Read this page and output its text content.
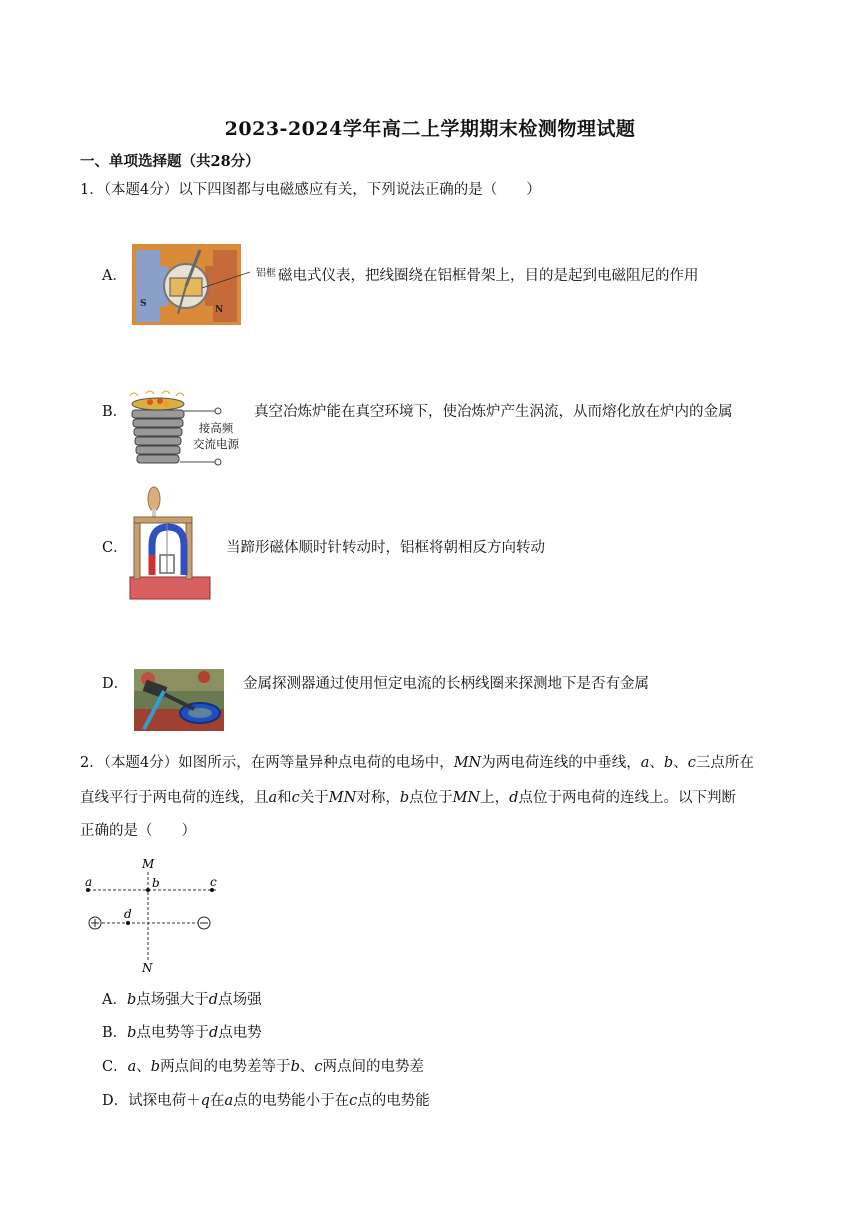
2023-2024学年高二上学期期末检测物理试题
一、单项选择题（共28分）
1．（本题4分）以下四图都与电磁感应有关，下列说法正确的是（　　）
A．
S
N
铝框 磁电式仪表，把线圈绕在铝框骨架上，目的是起到电磁阻尼的作用
B．
接高频
交流电源
真空冶炼炉能在真空环境下，使冶炼炉产生涡流，从而熔化放在炉内的金属
C．	当蹄形磁体顺时针转动时，铝框将朝相反方向转动
D．	金属探测器通过使用恒定电流的长柄线圈来探测地下是否有金属
2．（本题4分）如图所示，在两等量异种点电荷的电场中，MN为两电荷连线的中垂线，a、b、c三点所在
直线平行于两电荷的连线，且a和c关于MN对称，b点位于MN上，d点位于两电荷的连线上。以下判断
正确的是（　　）
M
N
a	b	c
d
A．b点场强大于d点场强
B．b点电势等于d点电势
C．a、b两点间的电势差等于b、c两点间的电势差
D．试探电荷＋q在a点的电势能小于在c点的电势能
